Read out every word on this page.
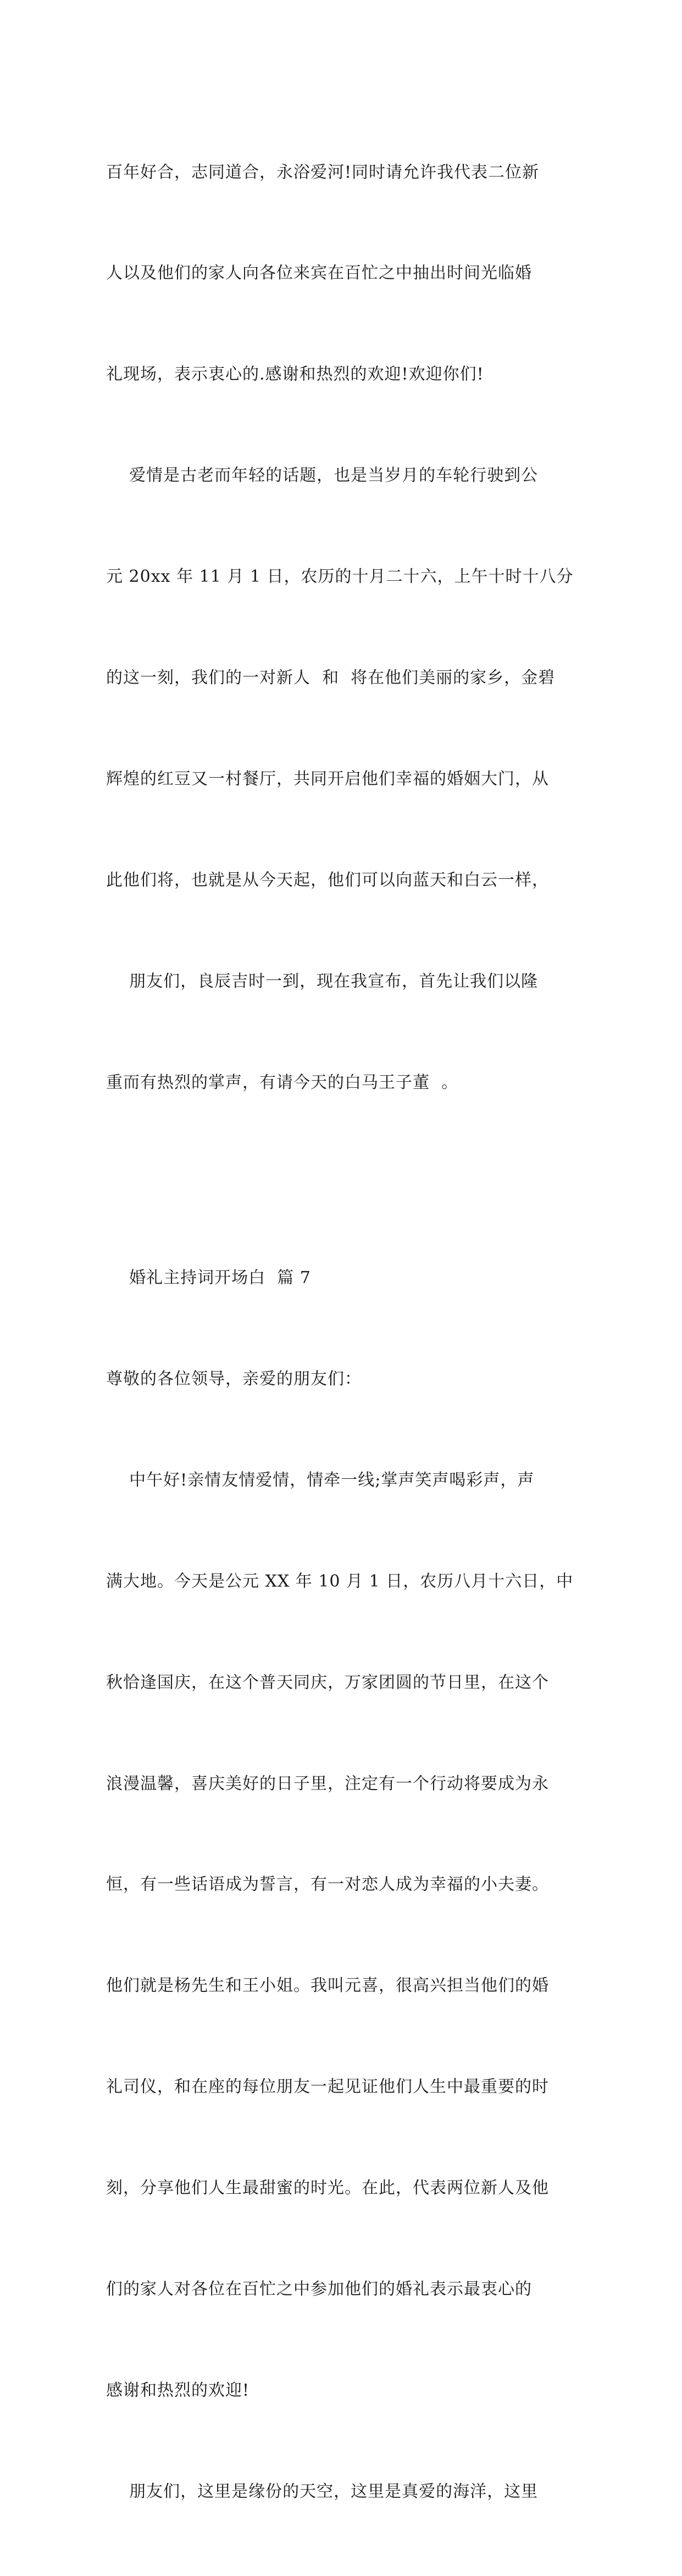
百年好合，志同道合，永浴爱河!同时请允许我代表二位新

人以及他们的家人向各位来宾在百忙之中抽出时间光临婚

礼现场，表示衷心的.感谢和热烈的欢迎!欢迎你们!

爱情是古老而年轻的话题，也是当岁月的车轮行驶到公

元 20xx 年 11 月 1 日，农历的十月二十六，上午十时十八分

的这一刻，我们的一对新人  和  将在他们美丽的家乡，金碧

辉煌的红豆又一村餐厅，共同开启他们幸福的婚姻大门，从

此他们将，也就是从今天起，他们可以向蓝天和白云一样，

朋友们，良辰吉时一到，现在我宣布，首先让我们以隆

重而有热烈的掌声，有请今天的白马王子董  。

婚礼主持词开场白  篇 7

尊敬的各位领导，亲爱的朋友们：

中午好!亲情友情爱情，情牵一线;掌声笑声喝彩声，声

满大地。今天是公元 XX 年 10 月 1 日，农历八月十六日，中

秋恰逢国庆，在这个普天同庆，万家团圆的节日里，在这个

浪漫温馨，喜庆美好的日子里，注定有一个行动将要成为永

恒，有一些话语成为誓言，有一对恋人成为幸福的小夫妻。

他们就是杨先生和王小姐。我叫元喜，很高兴担当他们的婚

礼司仪，和在座的每位朋友一起见证他们人生中最重要的时

刻，分享他们人生最甜蜜的时光。在此，代表两位新人及他

们的家人对各位在百忙之中参加他们的婚礼表示最衷心的

感谢和热烈的欢迎!

朋友们，这里是缘份的天空，这里是真爱的海洋，这里
